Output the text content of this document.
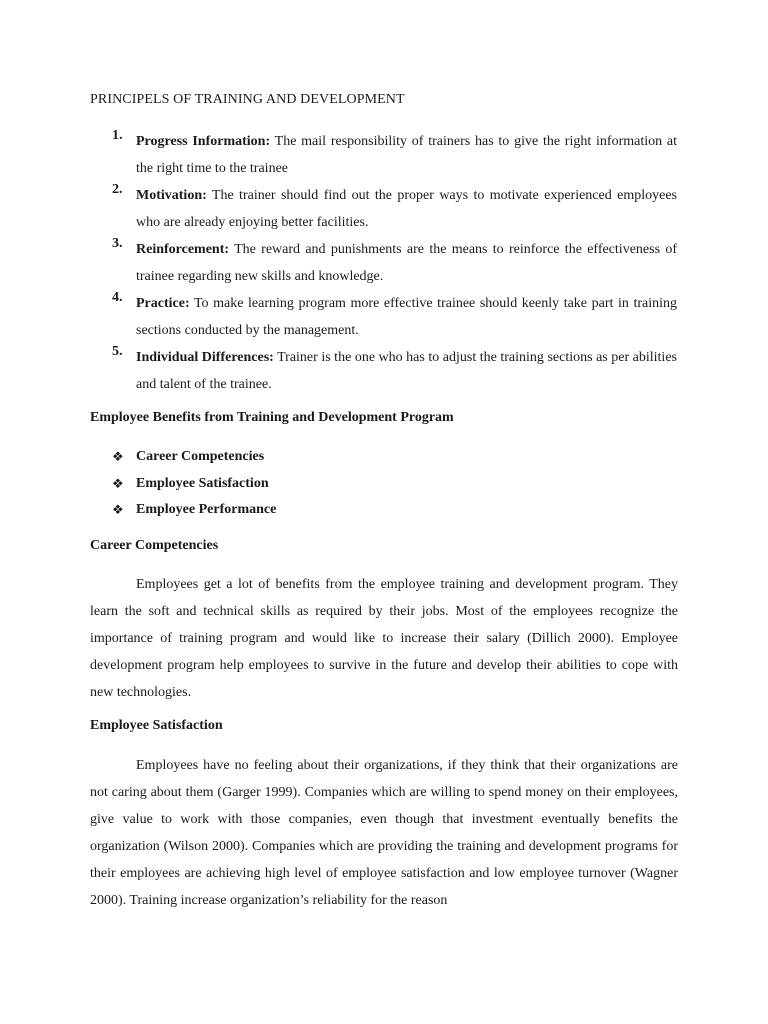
PRINCIPELS OF TRAINING AND DEVELOPMENT
1. Progress Information: The mail responsibility of trainers has to give the right information at the right time to the trainee
2. Motivation: The trainer should find out the proper ways to motivate experienced employees who are already enjoying better facilities.
3. Reinforcement: The reward and punishments are the means to reinforce the effectiveness of trainee regarding new skills and knowledge.
4. Practice: To make learning program more effective trainee should keenly take part in training sections conducted by the management.
5. Individual Differences: Trainer is the one who has to adjust the training sections as per abilities and talent of the trainee.
Employee Benefits from Training and Development Program
❖ Career Competencies
❖ Employee Satisfaction
❖ Employee Performance
Career Competencies

Employees get a lot of benefits from the employee training and development program. They learn the soft and technical skills as required by their jobs. Most of the employees recognize the importance of training program and would like to increase their salary (Dillich 2000). Employee development program help employees to survive in the future and develop their abilities to cope with new technologies.

Employee Satisfaction

Employees have no feeling about their organizations, if they think that their organizations are not caring about them (Garger 1999). Companies which are willing to spend money on their employees, give value to work with those companies, even though that investment eventually benefits the organization (Wilson 2000). Companies which are providing the training and development programs for their employees are achieving high level of employee satisfaction and low employee turnover (Wagner 2000). Training increase organization’s reliability for the reason
